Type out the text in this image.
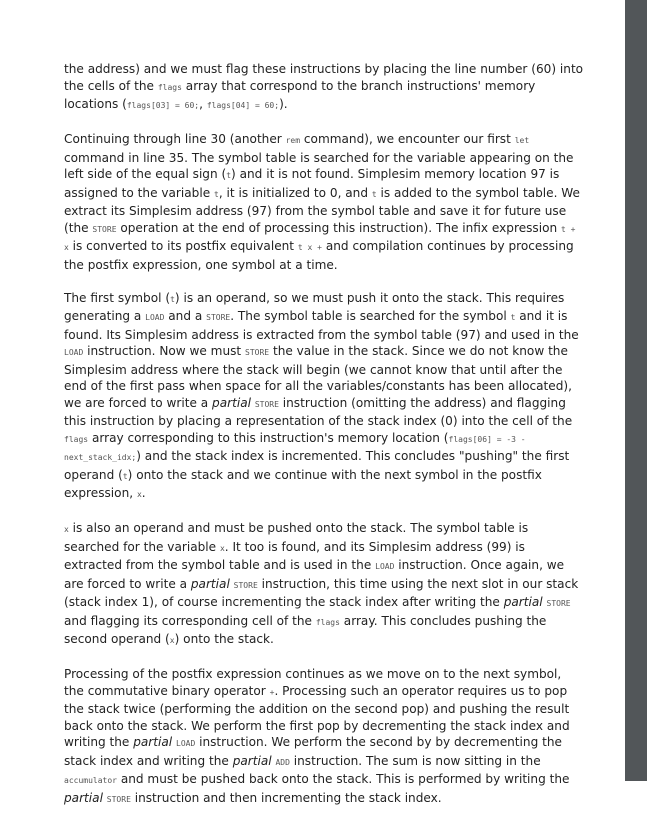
the address) and we must flag these instructions by placing the line number (60) into the cells of the flags array that correspond to the branch instructions' memory locations (flags[03] = 60;, flags[04] = 60;).

Continuing through line 30 (another rem command), we encounter our first let command in line 35. The symbol table is searched for the variable appearing on the left side of the equal sign (t) and it is not found. Simplesim memory location 97 is assigned to the variable t, it is initialized to 0, and t is added to the symbol table. We extract its Simplesim address (97) from the symbol table and save it for future use (the STORE operation at the end of processing this instruction). The infix expression t + x is converted to its postfix equivalent t x + and compilation continues by processing the postfix expression, one symbol at a time.

The first symbol (t) is an operand, so we must push it onto the stack. This requires generating a LOAD and a STORE. The symbol table is searched for the symbol t and it is found. Its Simplesim address is extracted from the symbol table (97) and used in the LOAD instruction. Now we must STORE the value in the stack. Since we do not know the Simplesim address where the stack will begin (we cannot know that until after the end of the first pass when space for all the variables/constants has been allocated), we are forced to write a partial STORE instruction (omitting the address) and flagging this instruction by placing a representation of the stack index (0) into the cell of the flags array corresponding to this instruction's memory location (flags[06] = -3 - next_stack_idx;) and the stack index is incremented. This concludes "pushing" the first operand (t) onto the stack and we continue with the next symbol in the postfix expression, x.

x is also an operand and must be pushed onto the stack. The symbol table is searched for the variable x. It too is found, and its Simplesim address (99) is extracted from the symbol table and is used in the LOAD instruction. Once again, we are forced to write a partial STORE instruction, this time using the next slot in our stack (stack index 1), of course incrementing the stack index after writing the partial STORE and flagging its corresponding cell of the flags array. This concludes pushing the second operand (x) onto the stack.

Processing of the postfix expression continues as we move on to the next symbol, the commutative binary operator +. Processing such an operator requires us to pop the stack twice (performing the addition on the second pop) and pushing the result back onto the stack. We perform the first pop by decrementing the stack index and writing the partial LOAD instruction. We perform the second by by decrementing the stack index and writing the partial ADD instruction. The sum is now sitting in the accumulator and must be pushed back onto the stack. This is performed by writing the partial STORE instruction and then incrementing the stack index.
